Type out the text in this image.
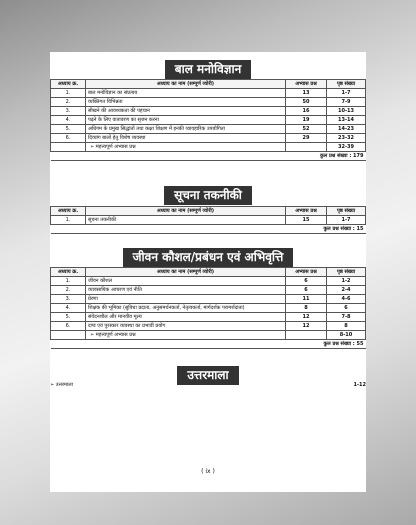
बाल मनोविज्ञान
अध्याय क्र.	अध्याय का नाम (सम्पूर्ण व्योरी)	अभ्यास प्रश्न	पृष्ठ संख्या
1.	बाल मनोविज्ञान का संप्रत्यय	13	1-7
2.	व्यक्तिगत विभिन्नता	50	7-9
3.	सीखने की आवश्यकता की पहचान	16	10-13
4.	पढ़ने के लिए वातावरण का सृजन करना	19	13-14
5.	अधिगम के प्रमुख सिद्धांतों तथा कक्षा शिक्षण में इनकी व्यावहारिक उपयोगिता	52	14-23
6.	दिव्यांग बालों हेतु विशेष व्यवस्था	29	23-32
	➢ महत्त्वपूर्ण अभ्यास प्रश्न		32-39
कुल प्रश्न संख्या : 179			
सूचना तकनीकी
अध्याय क्र.	अध्याय का नाम (सम्पूर्ण व्योरी)	अभ्यास प्रश्न	पृष्ठ संख्या
1.	सूचना तकनीकी	15	1-7
कुल प्रश्न संख्या : 15			
जीवन कौशल/प्रबंधन एवं अभिवृत्ति
अध्याय क्र.	अध्याय का नाम (सम्पूर्ण व्योरी)	अभ्यास प्रश्न	पृष्ठ संख्या
1.	जीवन कौशल	6	1-2
2.	व्यावसायिक आचरण एवं नीति	6	2-4
3.	प्रेरणा	11	4-6
4.	शिक्षक की भूमिका (सुविधा प्रदाता, अनुसमर्थनकर्ता, नेतृत्वकर्ता, मार्गदर्शक परामर्शदाता)	8	6
5.	संवेदनशील और मानवीय मूल्य	12	7-8
6.	दण्ड एवं पुरस्कार व्यवस्था का प्रभावी प्रयोग	12	8
	➢ महत्त्वपूर्ण अभ्यास प्रश्न		8-10
कुल प्रश्न संख्या : 55			
उत्तरमाला
➢ उत्तरमाला	1-12
( ix )
